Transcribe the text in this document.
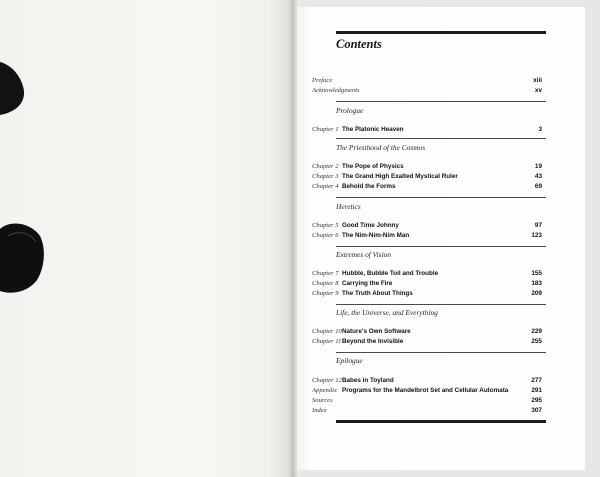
Contents
Preface	xiii
Acknowledgments	xv
Prologue
Chapter 1 The Platonic Heaven	3
The Priesthood of the Cosmos
Chapter 2 The Pope of Physics	19
Chapter 3 The Grand High Exalted Mystical Ruler	43
Chapter 4 Behold the Forms	69
Heretics
Chapter 5 Good Time Johnny	97
Chapter 6 The Nim-Nim-Nim Man	123
Extremes of Vision
Chapter 7 Hubble, Bubble Toil and Trouble	155
Chapter 8 Carrying the Fire	183
Chapter 9 The Truth About Things	209
Life, the Universe, and Everything
Chapter 10 Nature's Own Software	229
Chapter 11 Beyond the Invisible	255
Epilogue
Chapter 12 Babes in Toyland	277
Appendix Programs for the Mandelbrot Set and Cellular Automata	291
Sources	295
Index	307
